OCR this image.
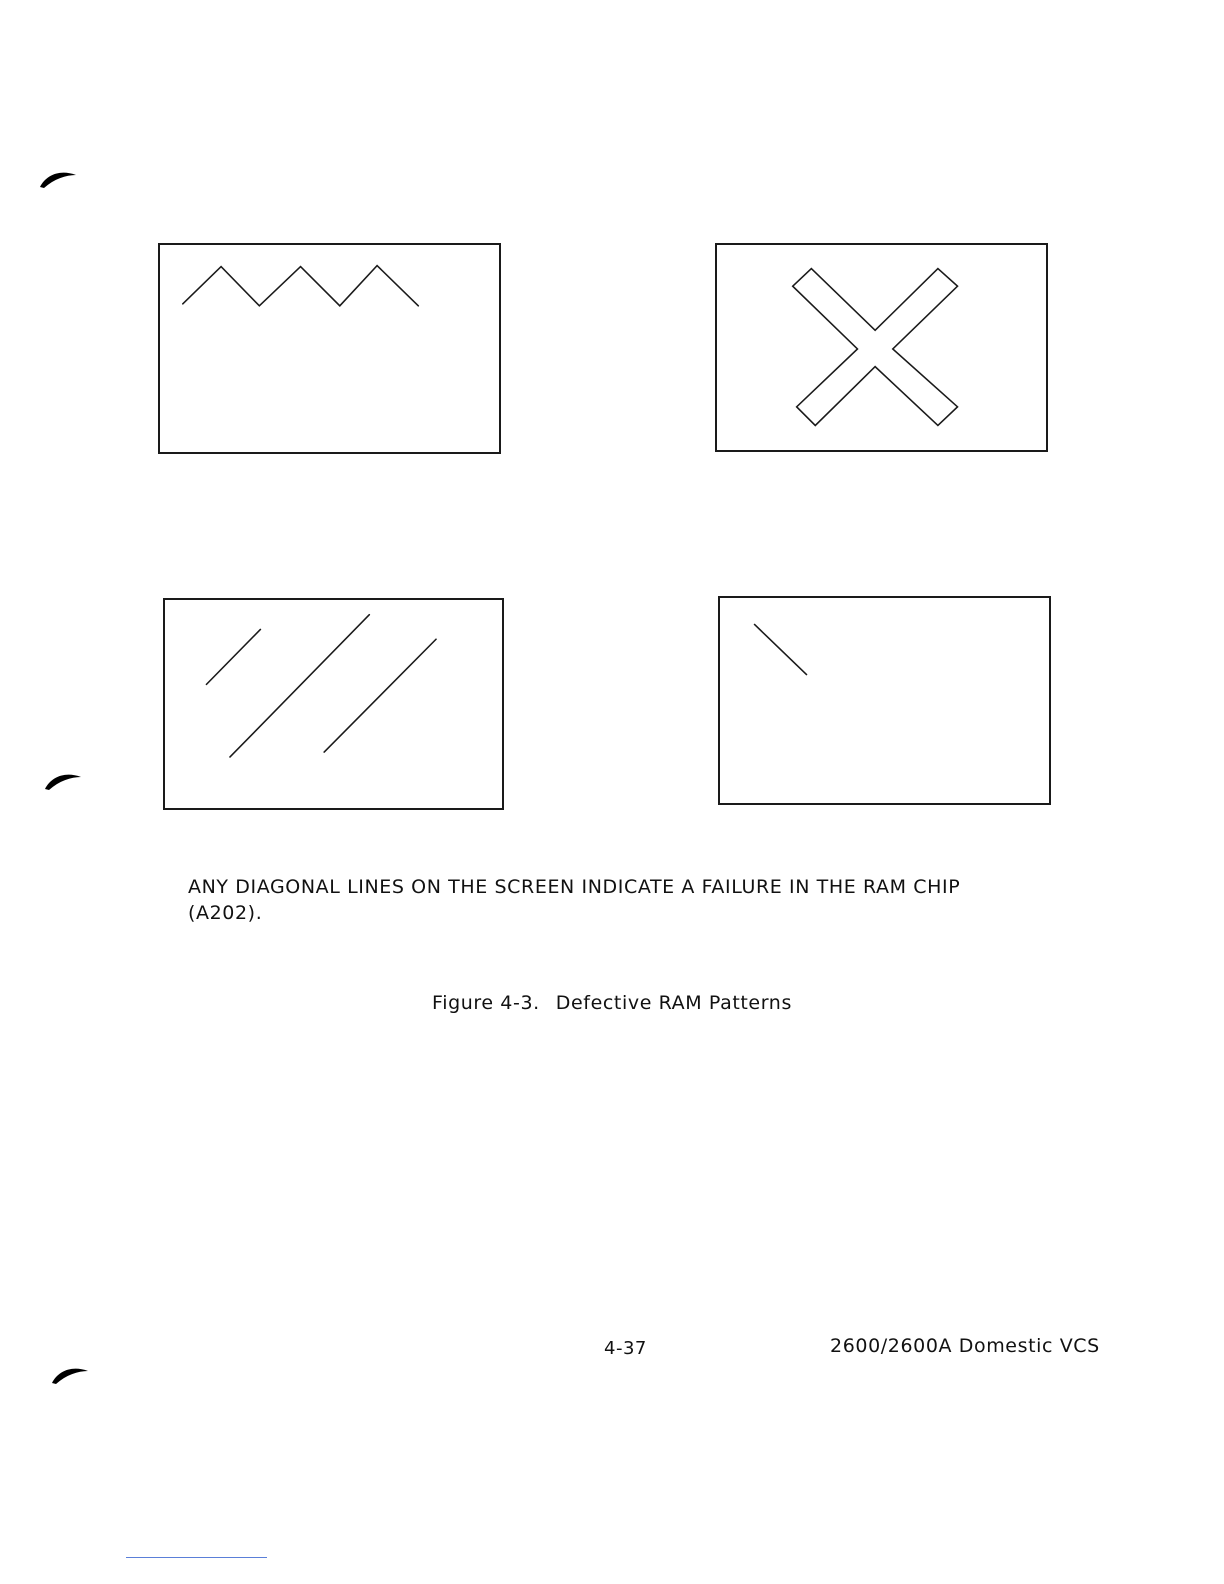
ANY DIAGONAL LINES ON THE SCREEN INDICATE A FAILURE IN THE RAM CHIP
(A202).

Figure 4-3. Defective RAM Patterns

4-37	2600/2600A Domestic VCS
